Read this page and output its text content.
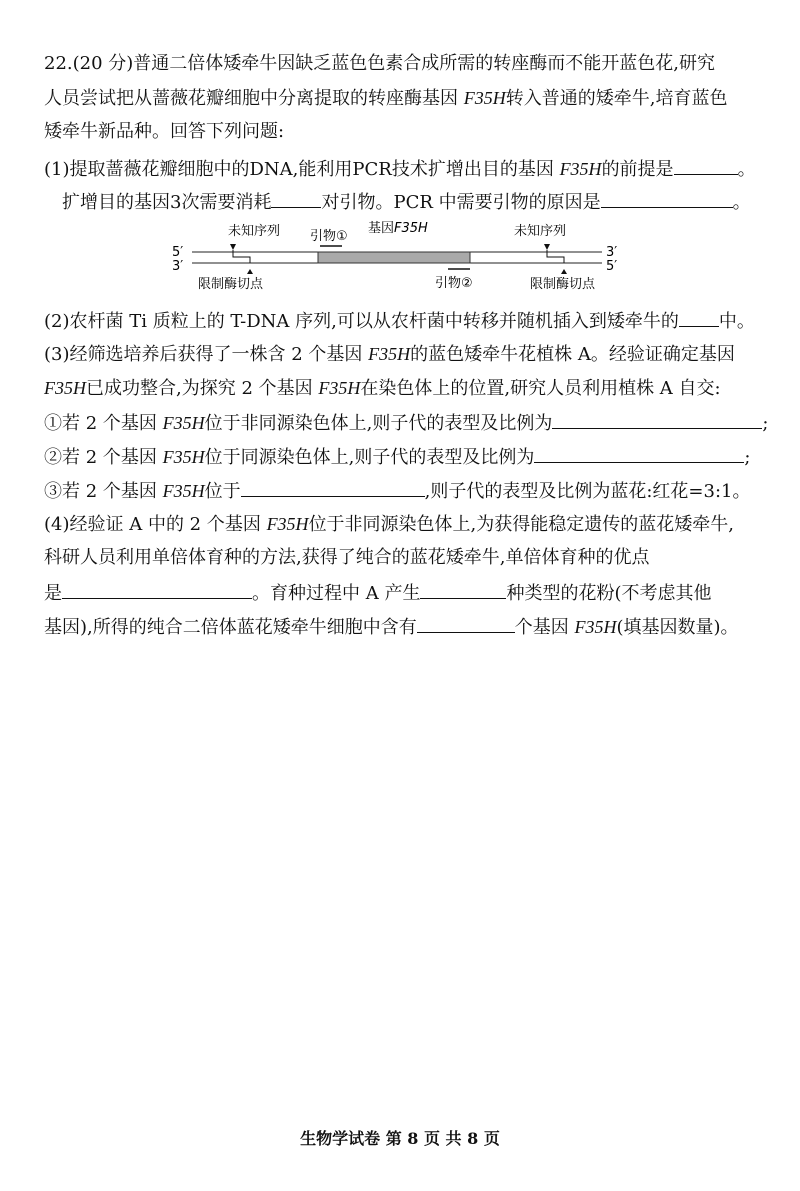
22.(20 分)普通二倍体矮牵牛因缺乏蓝色色素合成所需的转座酶而不能开蓝色花,研究
人员尝试把从蔷薇花瓣细胞中分离提取的转座酶基因 F35H转入普通的矮牵牛,培育蓝色
矮牵牛新品种。回答下列问题:
(1)提取蔷薇花瓣细胞中的DNA,能利用PCR技术扩增出目的基因 F35H的前提是	。
扩增目的基因3次需要消耗	对引物。PCR 中需要引物的原因是	。
5′
3′
3′
5′
未知序列	未知序列
引物①
基因F35H
引物②
限制酶切点	限制酶切点
(2)农杆菌 Ti 质粒上的 T-DNA 序列,可以从农杆菌中转移并随机插入到矮牵牛的 中。
(3)经筛选培养后获得了一株含 2 个基因 F35H的蓝色矮牵牛花植株 A。经验证确定基因
F35H已成功整合,为探究 2 个基因 F35H在染色体上的位置,研究人员利用植株 A 自交:
①若 2 个基因 F35H位于非同源染色体上,则子代的表型及比例为	;
②若 2 个基因 F35H位于同源染色体上,则子代的表型及比例为	;
③若 2 个基因 F35H位于	,则子代的表型及比例为蓝花:红花=3:1。
(4)经验证 A 中的 2 个基因 F35H位于非同源染色体上,为获得能稳定遗传的蓝花矮牵牛,
科研人员利用单倍体育种的方法,获得了纯合的蓝花矮牵牛,单倍体育种的优点
是	。育种过程中 A 产生	种类型的花粉(不考虑其他
基因),所得的纯合二倍体蓝花矮牵牛细胞中含有	个基因 F35H(填基因数量)。
生物学试卷 第 8 页 共 8 页
